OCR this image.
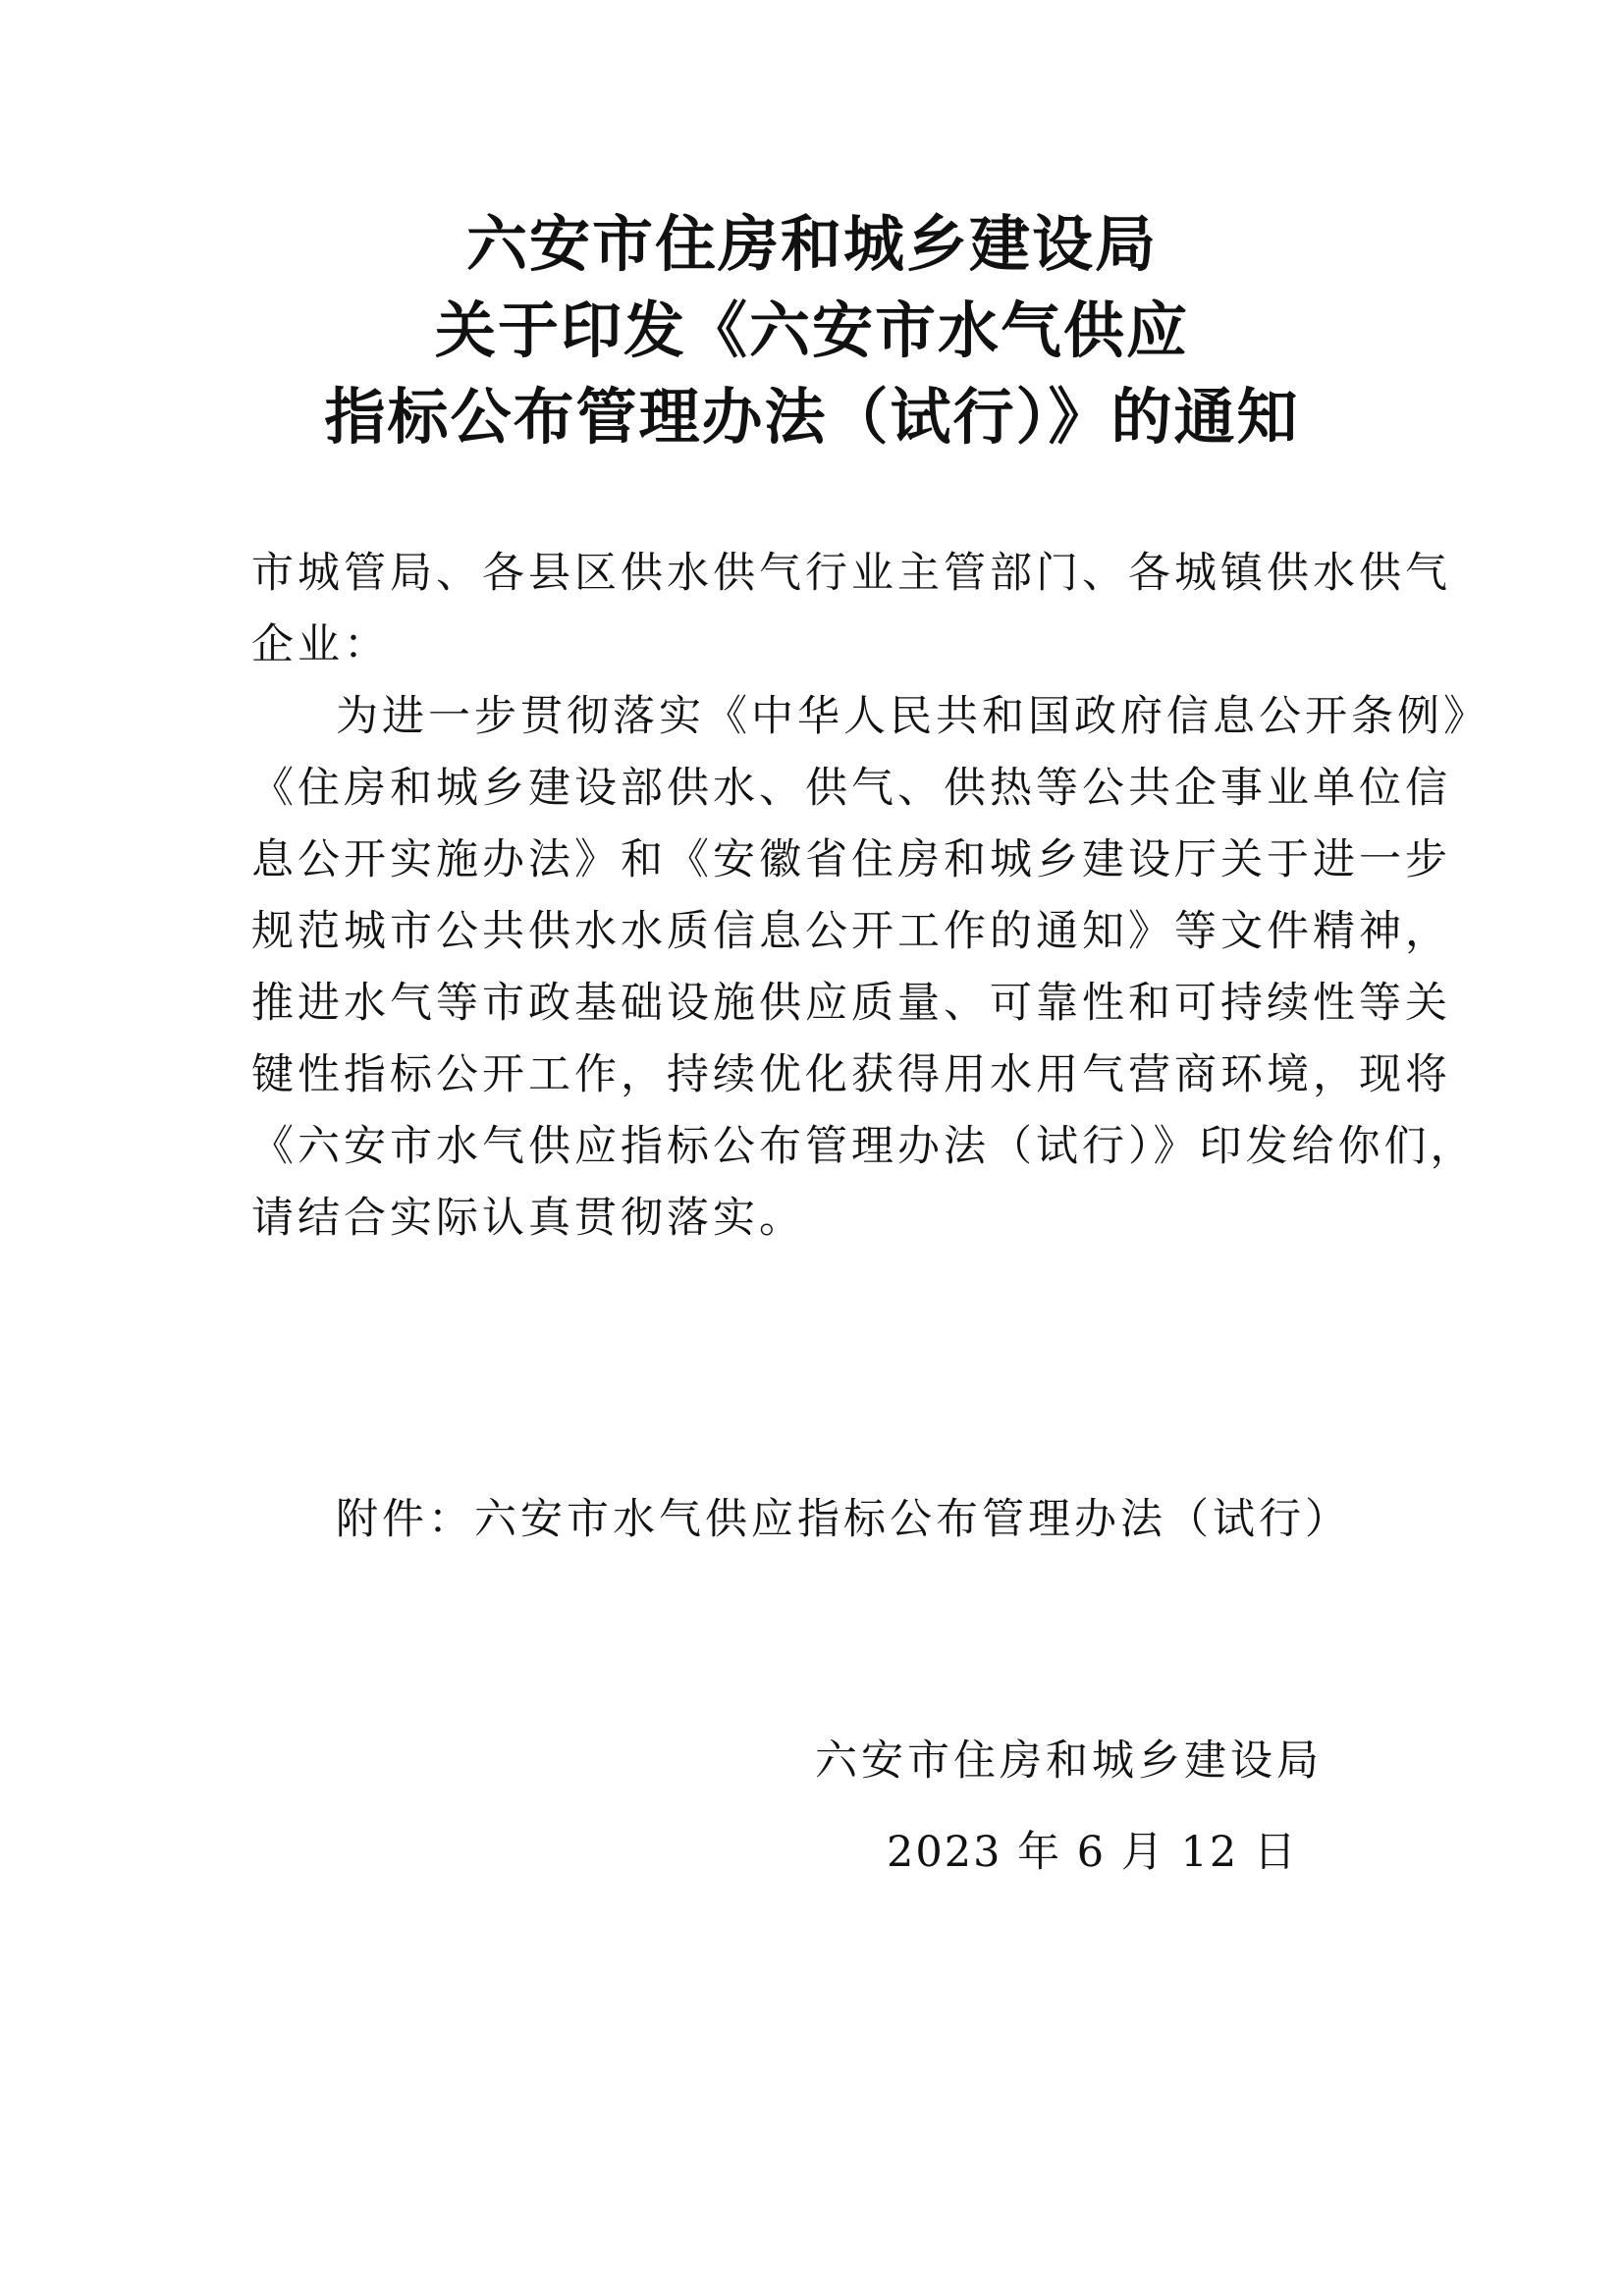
六安市住房和城乡建设局
关于印发《六安市水气供应
指标公布管理办法（试行）》的通知
市城管局、各县区供水供气行业主管部门、各城镇供水供气
企业：
为进一步贯彻落实《中华人民共和国政府信息公开条例》
《住房和城乡建设部供水、供气、供热等公共企事业单位信
息公开实施办法》和《安徽省住房和城乡建设厅关于进一步
规范城市公共供水水质信息公开工作的通知》等文件精神，
推进水气等市政基础设施供应质量、可靠性和可持续性等关
键性指标公开工作，持续优化获得用水用气营商环境，现将
《六安市水气供应指标公布管理办法（试行）》印发给你们，
请结合实际认真贯彻落实。
附件：六安市水气供应指标公布管理办法（试行）
六安市住房和城乡建设局
2023 年 6 月 12 日
